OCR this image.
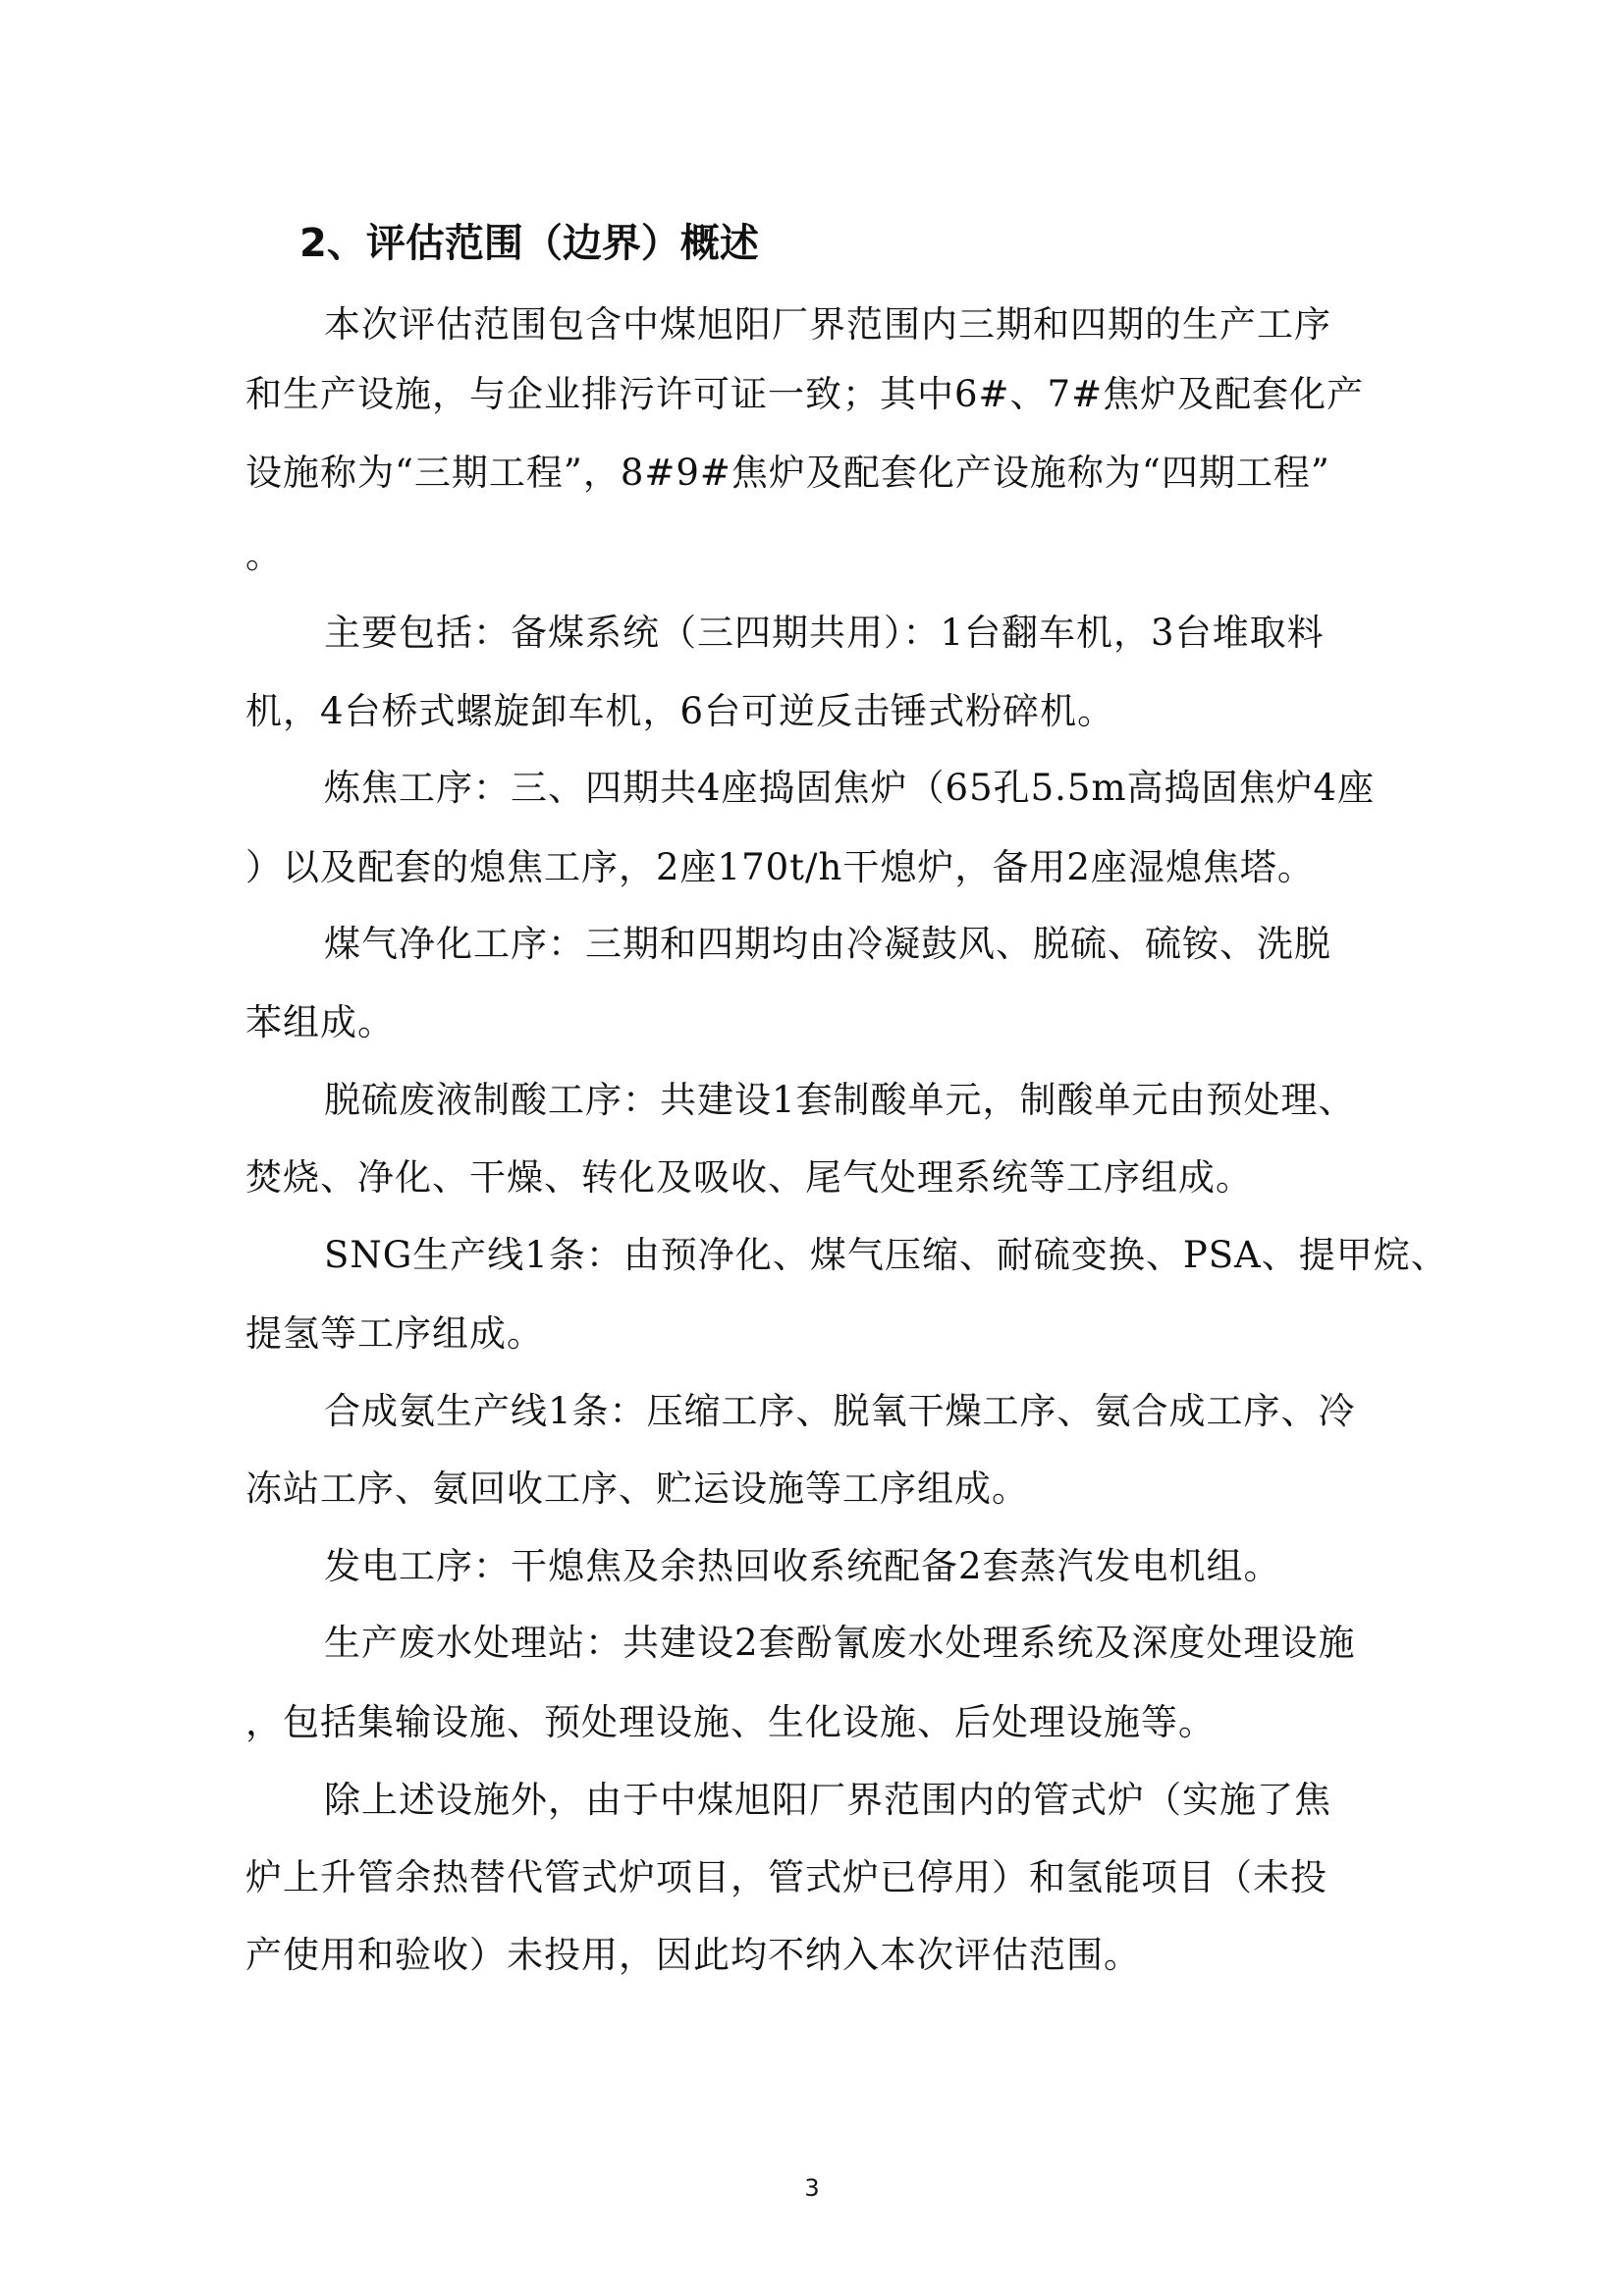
2、评估范围（边界）概述
本次评估范围包含中煤旭阳厂界范围内三期和四期的生产工序
和生产设施，与企业排污许可证一致；其中6#、7#焦炉及配套化产
设施称为“三期工程”，8#9#焦炉及配套化产设施称为“四期工程”
。
主要包括：备煤系统（三四期共用）：1台翻车机，3台堆取料
机，4台桥式螺旋卸车机，6台可逆反击锤式粉碎机。
炼焦工序：三、四期共4座捣固焦炉（65孔5.5m高捣固焦炉4座
）以及配套的熄焦工序，2座170t/h干熄炉，备用2座湿熄焦塔。
煤气净化工序：三期和四期均由冷凝鼓风、脱硫、硫铵、洗脱
苯组成。
脱硫废液制酸工序：共建设1套制酸单元，制酸单元由预处理、
焚烧、净化、干燥、转化及吸收、尾气处理系统等工序组成。
SNG生产线1条：由预净化、煤气压缩、耐硫变换、PSA、提甲烷、
提氢等工序组成。
合成氨生产线1条：压缩工序、脱氧干燥工序、氨合成工序、冷
冻站工序、氨回收工序、贮运设施等工序组成。
发电工序：干熄焦及余热回收系统配备2套蒸汽发电机组。
生产废水处理站：共建设2套酚氰废水处理系统及深度处理设施
，包括集输设施、预处理设施、生化设施、后处理设施等。
除上述设施外，由于中煤旭阳厂界范围内的管式炉（实施了焦
炉上升管余热替代管式炉项目，管式炉已停用）和氢能项目（未投
产使用和验收）未投用，因此均不纳入本次评估范围。
3
